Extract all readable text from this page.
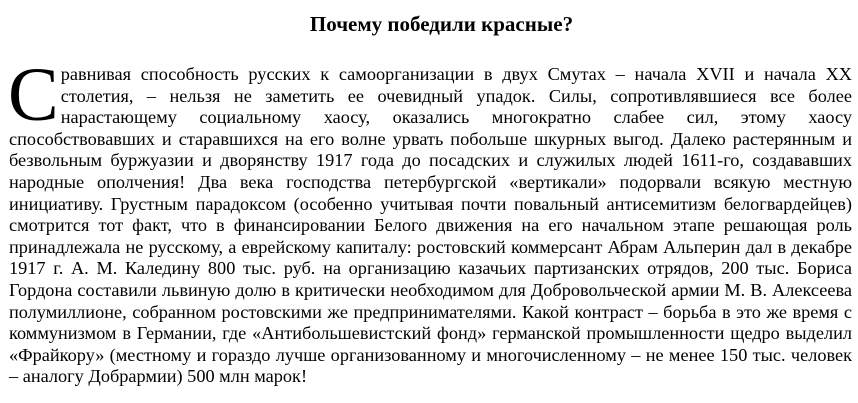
Почему победили красные?

Сравнивая способность русских к самоорганизации в двух Смутах – начала XVII и начала XX столетия, – нельзя не заметить ее очевидный упадок. Силы, сопротивлявшиеся все более нарастающему социальному хаосу, оказались многократно слабее сил, этому хаосу способствовавших и старавшихся на его волне урвать побольше шкурных выгод. Далеко растерянным и безвольным буржуазии и дворянству 1917 года до посадских и служилых людей 1611-го, создававших народные ополчения! Два века господства петербургской «вертикали» подорвали всякую местную инициативу. Грустным парадоксом (особенно учитывая почти повальный антисемитизм белогвардейцев) смотрится тот факт, что в финансировании Белого движения на его начальном этапе решающая роль принадлежала не русскому, а еврейскому капиталу: ростовский коммерсант Абрам Альперин дал в декабре 1917 г. А. М. Каледину 800 тыс. руб. на организацию казачьих партизанских отрядов, 200 тыс. Бориса Гордона составили львиную долю в критически необходимом для Добровольческой армии М. В. Алексеева полумиллионе, собранном ростовскими же предпринимателями. Какой контраст – борьба в это же время с коммунизмом в Германии, где «Антибольшевистский фонд» германской промышленности щедро выделил «Фрайкору» (местному и гораздо лучше организованному и многочисленному – не менее 150 тыс. человек – аналогу Добрармии) 500 млн марок!
